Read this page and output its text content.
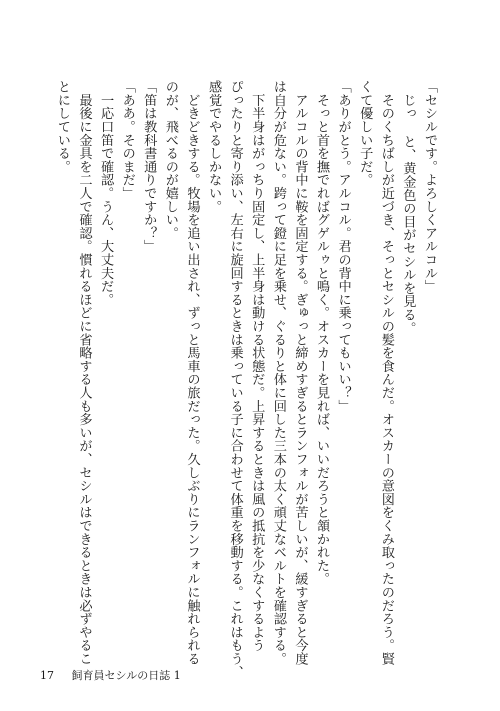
「セシルです。よろしくアルコル」
　じっ と、黄金色の目がセシルを見る。
　そのくちばしが近づき、そっとセシルの髪を食んだ。オスカーの意図をくみ取ったのだろう。賢
くて優しい子だ。
「ありがとう。アルコル。君の背中に乗ってもいい？」
　そっと首を撫でればグゲルゥと鳴く。オスカーを見れば、いいだろうと頷かれた。
　アルコルの背中に鞍を固定する。ぎゅっと締めすぎるとランフォルが苦しいが、緩すぎると今度
は自分が危ない。跨って鐙に足を乗せ、ぐるりと体に回した三本の太く頑丈なベルトを確認する。
　下半身はがっちり固定し、上半身は動ける状態だ。上昇するときは風の抵抗を少なくするよう
ぴったりと寄り添い、左右に旋回するときは乗っている子に合わせて体重を移動する。これはもう、
感覚でやるしかない。
　どきどきする。牧場を追い出され、ずっと馬車の旅だった。久しぶりにランフォルに触れられる
のが、飛べるのが嬉しい。
「笛は教科書通りですか？」
「ああ。そのまだ」
　一応口笛で確認。うん、大丈夫だ。
　最後に金具を二人で確認。慣れるほどに省略する人も多いが、セシルはできるときは必ずやるこ
とにしている。
17 飼育員セシルの日誌 1
